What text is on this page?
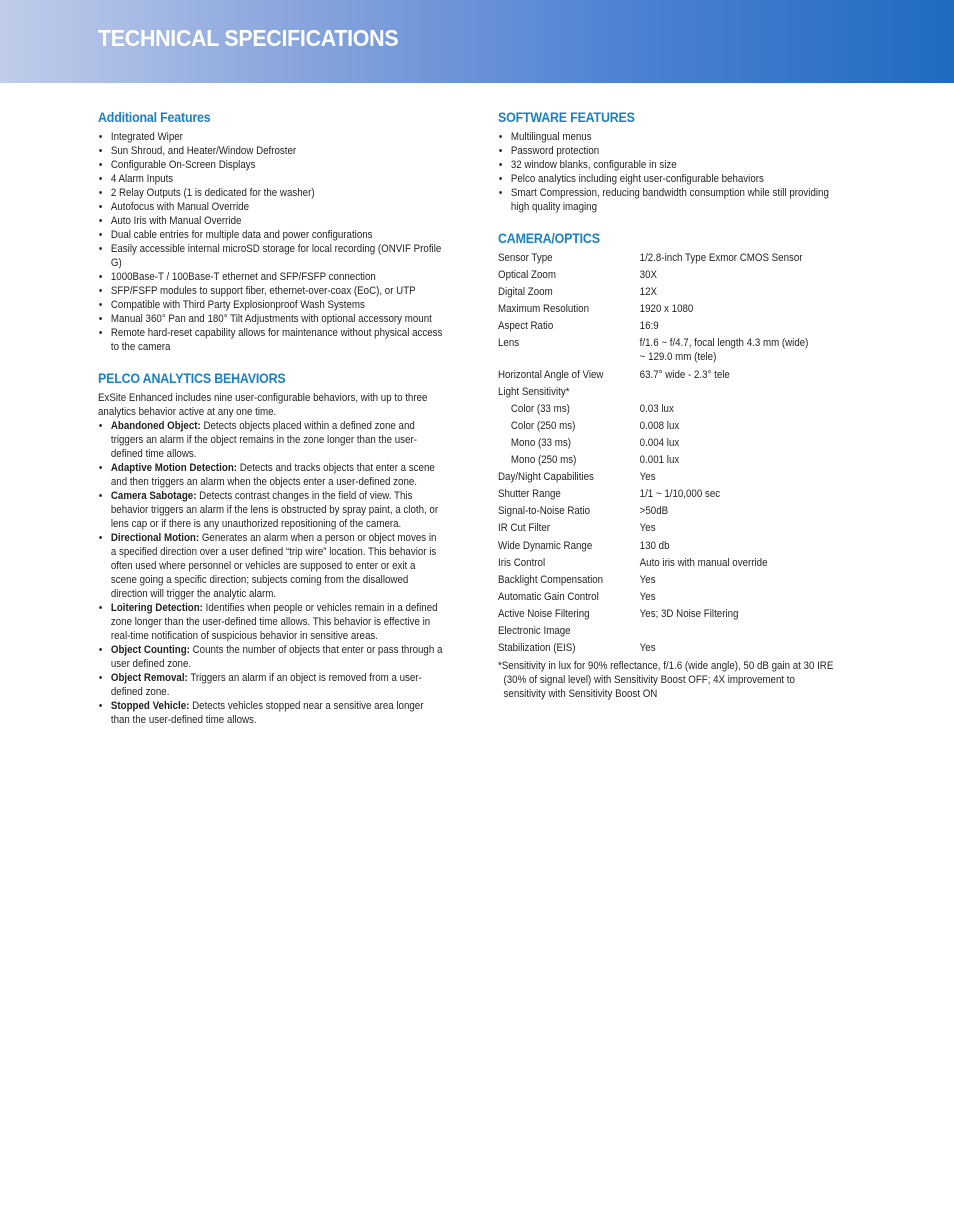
TECHNICAL SPECIFICATIONS
Additional Features
• Integrated Wiper
• Sun Shroud, and Heater/Window Defroster
• Configurable On-Screen Displays
• 4 Alarm Inputs
• 2 Relay Outputs (1 is dedicated for the washer)
• Autofocus with Manual Override
• Auto Iris with Manual Override
• Dual cable entries for multiple data and power configurations
• Easily accessible internal microSD storage for local recording (ONVIF Profile G)
• 1000Base-T / 100Base-T ethernet and SFP/FSFP connection
• SFP/FSFP modules to support fiber, ethernet-over-coax (EoC), or UTP
• Compatible with Third Party Explosionproof Wash Systems
• Manual 360° Pan and 180° Tilt Adjustments with optional accessory mount
• Remote hard-reset capability allows for maintenance without physical access to the camera
PELCO ANALYTICS BEHAVIORS

ExSite Enhanced includes nine user-configurable behaviors, with up to three analytics behavior active at any one time.

• Abandoned Object: Detects objects placed within a defined zone and triggers an alarm if the object remains in the zone longer than the user-defined time allows.
• Adaptive Motion Detection: Detects and tracks objects that enter a scene and then triggers an alarm when the objects enter a user-defined zone.
• Camera Sabotage: Detects contrast changes in the field of view. This behavior triggers an alarm if the lens is obstructed by spray paint, a cloth, or lens cap or if there is any unauthorized repositioning of the camera.
• Directional Motion: Generates an alarm when a person or object moves in a specified direction over a user defined “trip wire” location. This behavior is often used where personnel or vehicles are supposed to enter or exit a scene going a specific direction; subjects coming from the disallowed direction will trigger the analytic alarm.
• Loitering Detection: Identifies when people or vehicles remain in a defined zone longer than the user-defined time allows. This behavior is effective in real-time notification of suspicious behavior in sensitive areas.
• Object Counting: Counts the number of objects that enter or pass through a user defined zone.
• Object Removal: Triggers an alarm if an object is removed from a user-defined zone.
• Stopped Vehicle: Detects vehicles stopped near a sensitive area longer than the user-defined time allows.
SOFTWARE FEATURES
• Multilingual menus
• Password protection
• 32 window blanks, configurable in size
• Pelco analytics including eight user-configurable behaviors
• Smart Compression, reducing bandwidth consumption while still providing high quality imaging
CAMERA/OPTICS
Sensor Type	1/2.8-inch Type Exmor CMOS Sensor
Optical Zoom	30X
Digital Zoom	12X
Maximum Resolution	1920 x 1080
Aspect Ratio	16:9
Lens	f/1.6 ~ f/4.7, focal length 4.3 mm (wide) ~ 129.0 mm (tele)
Horizontal Angle of View	63.7° wide - 2.3° tele
Light Sensitivity*	
Color (33 ms)	0.03 lux
Color (250 ms)	0.008 lux
Mono (33 ms)	0.004 lux
Mono (250 ms)	0.001 lux
Day/Night Capabilities	Yes
Shutter Range	1/1 ~ 1/10,000 sec
Signal-to-Noise Ratio	>50dB
IR Cut Filter	Yes
Wide Dynamic Range	130 db
Iris Control	Auto iris with manual override
Backlight Compensation	Yes
Automatic Gain Control	Yes
Active Noise Filtering	Yes; 3D Noise Filtering
Electronic Image	
Stabilization (EIS)	Yes
*Sensitivity in lux for 90% reflectance, f/1.6 (wide angle), 50 dB gain at 30 IRE (30% of signal level) with Sensitivity Boost OFF; 4X improvement to sensitivity with Sensitivity Boost ON
